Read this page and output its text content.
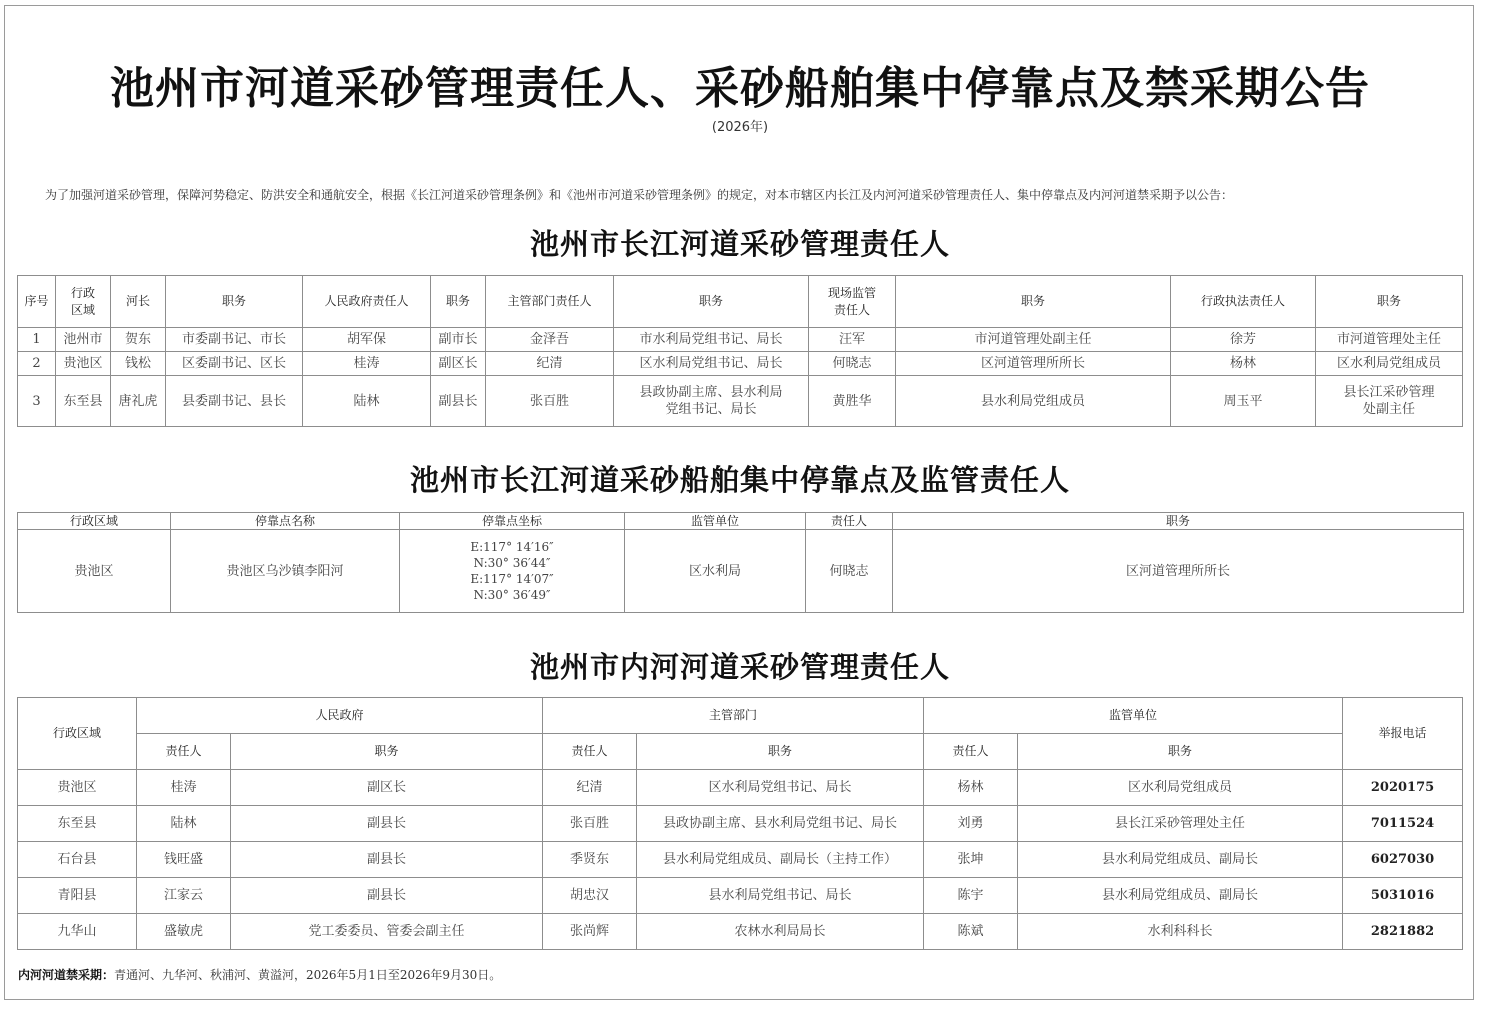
池州市河道采砂管理责任人、采砂船舶集中停靠点及禁采期公告
(2026年)
为了加强河道采砂管理，保障河势稳定、防洪安全和通航安全，根据《长江河道采砂管理条例》和《池州市河道采砂管理条例》的规定，对本市辖区内长江及内河河道采砂管理责任人、集中停靠点及内河河道禁采期予以公告：
池州市长江河道采砂管理责任人
序号	行政区域	河长	职务	人民政府责任人	职务	主管部门责任人	职务	现场监管责任人	职务	行政执法责任人	职务
1	池州市	贺东	市委副书记、市长	胡军保	副市长	金泽吾	市水利局党组书记、局长	汪军	市河道管理处副主任	徐芳	市河道管理处主任
2	贵池区	钱松	区委副书记、区长	桂涛	副区长	纪清	区水利局党组书记、局长	何晓志	区河道管理所所长	杨林	区水利局党组成员
3	东至县	唐礼虎	县委副书记、县长	陆林	副县长	张百胜	县政协副主席、县水利局党组书记、局长	黄胜华	县水利局党组成员	周玉平	县长江采砂管理处副主任
池州市长江河道采砂船舶集中停靠点及监管责任人
行政区域	停靠点名称	停靠点坐标	监管单位	责任人	职务
贵池区	贵池区乌沙镇李阳河	E:117° 14′16″
N:30° 36′44″
E:117° 14′07″
N:30° 36′49″	区水利局	何晓志	区河道管理所所长
池州市内河河道采砂管理责任人
行政区域	人民政府		主管部门		监管单位		举报电话
	责任人	职务	责任人	职务	责任人	职务	
贵池区	桂涛	副区长	纪清	区水利局党组书记、局长	杨林	区水利局党组成员	2020175
东至县	陆林	副县长	张百胜	县政协副主席、县水利局党组书记、局长	刘勇	县长江采砂管理处主任	7011524
石台县	钱旺盛	副县长	季贤东	县水利局党组成员、副局长（主持工作）	张坤	县水利局党组成员、副局长	6027030
青阳县	江家云	副县长	胡忠汉	县水利局党组书记、局长	陈宇	县水利局党组成员、副局长	5031016
九华山	盛敏虎	党工委委员、管委会副主任	张尚辉	农林水利局局长	陈斌	水利科科长	2821882
内河河道禁采期：青通河、九华河、秋浦河、黄溢河，2026年5月1日至2026年9月30日。
